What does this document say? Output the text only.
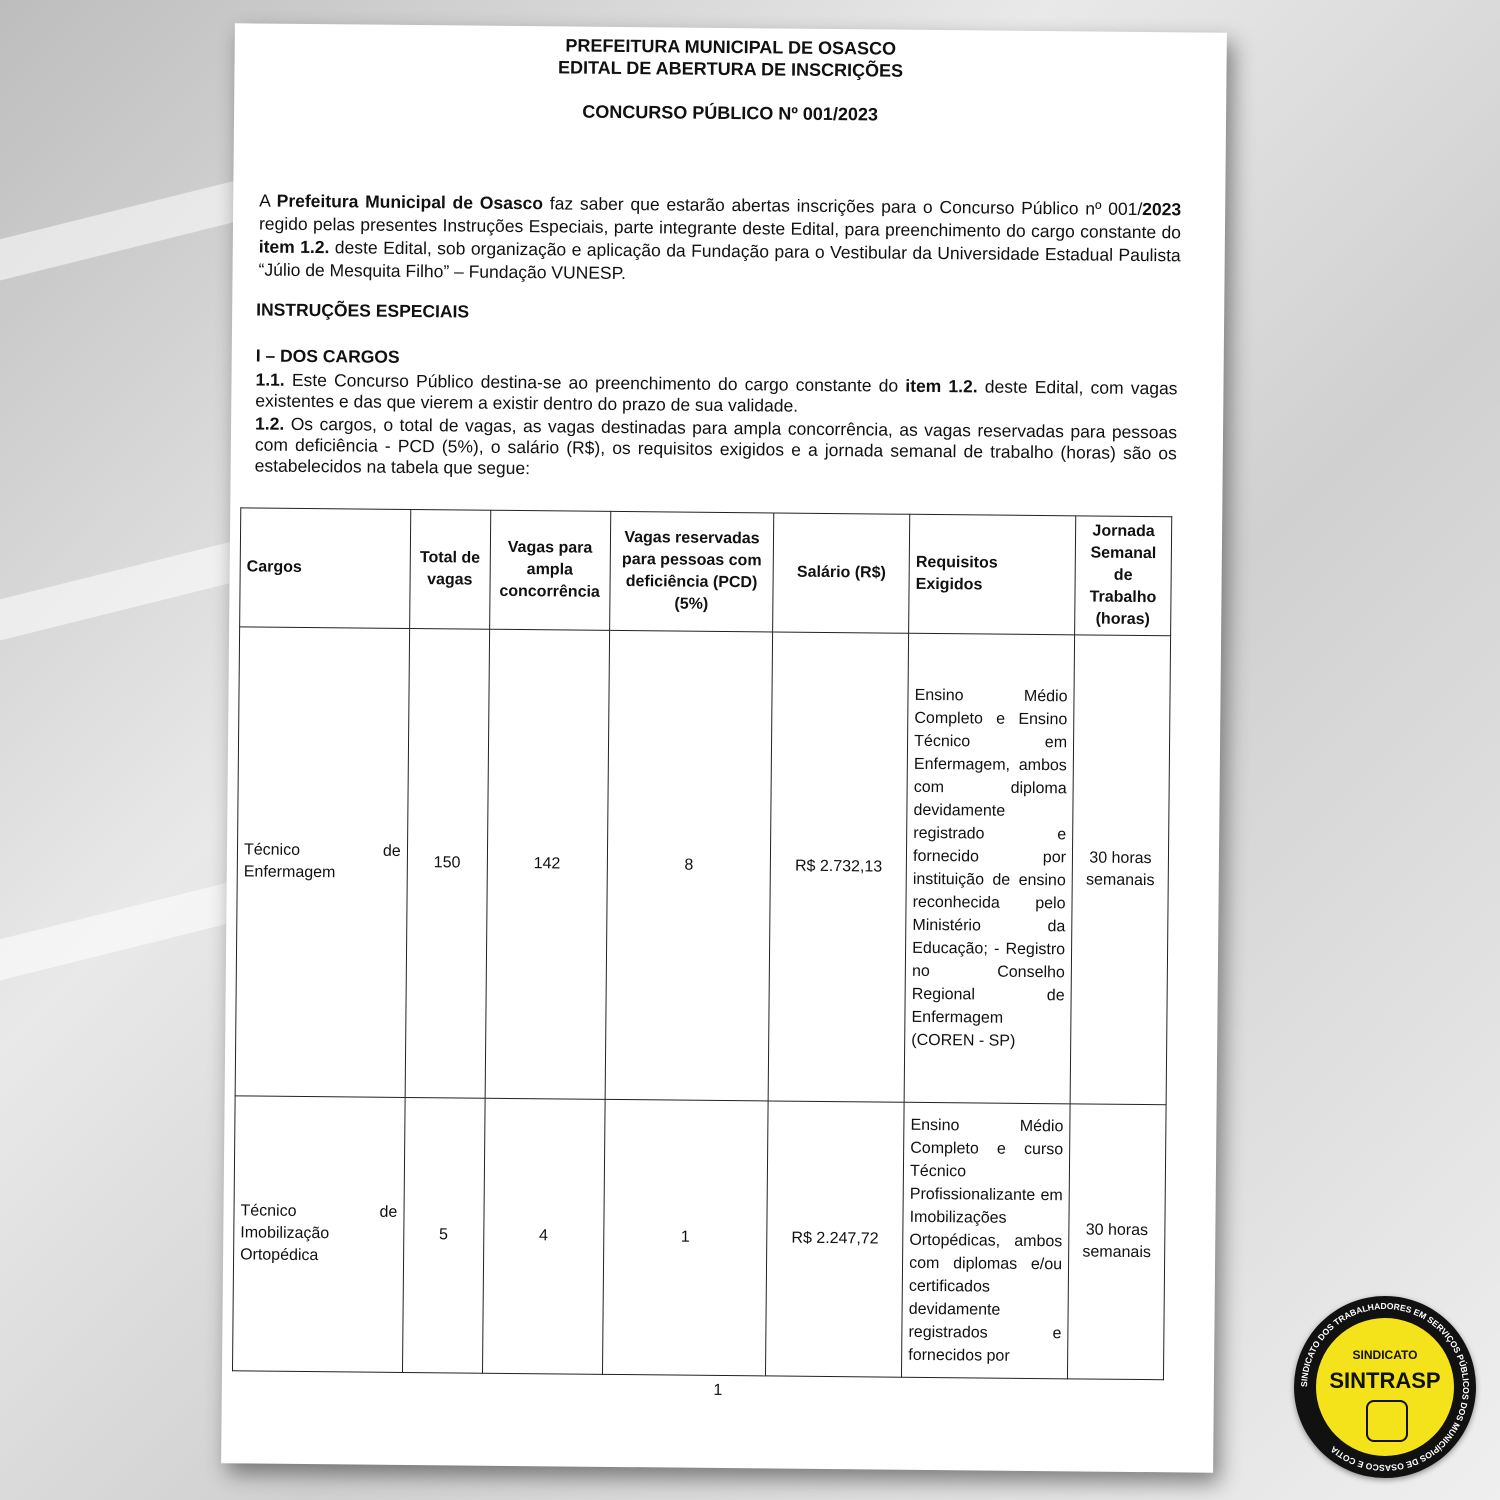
PREFEITURA MUNICIPAL DE OSASCO
EDITAL DE ABERTURA DE INSCRIÇÕES
CONCURSO PÚBLICO Nº 001/2023
A Prefeitura Municipal de Osasco faz saber que estarão abertas inscrições para o Concurso Público nº 001/2023 regido pelas presentes Instruções Especiais, parte integrante deste Edital, para preenchimento do cargo constante do item 1.2. deste Edital, sob organização e aplicação da Fundação para o Vestibular da Universidade Estadual Paulista “Júlio de Mesquita Filho” – Fundação VUNESP.
INSTRUÇÕES ESPECIAIS
I – DOS CARGOS
1.1. Este Concurso Público destina-se ao preenchimento do cargo constante do item 1.2. deste Edital, com vagas existentes e das que vierem a existir dentro do prazo de sua validade.
1.2. Os cargos, o total de vagas, as vagas destinadas para ampla concorrência, as vagas reservadas para pessoas com deficiência - PCD (5%), o salário (R$), os requisitos exigidos e a jornada semanal de trabalho (horas) são os estabelecidos na tabela que segue:
Cargos	Total de vagas	Vagas para ampla concorrência	Vagas reservadas para pessoas com deficiência (PCD) (5%)	Salário (R$)	Requisitos Exigidos	Jornada Semanal de Trabalho (horas)
Técnico de Enfermagem	150	142	8	R$ 2.732,13	Ensino Médio Completo e Ensino Técnico em Enfermagem, ambos com diploma devidamente registrado e fornecido por instituição de ensino reconhecida pelo Ministério da Educação; - Registro no Conselho Regional de Enfermagem (COREN - SP)	30 horas semanais
Técnico de Imobilização Ortopédica	5	4	1	R$ 2.247,72	Ensino Médio Completo e curso Técnico Profissionalizante em Imobilizações Ortopédicas, ambos com diplomas e/ou certificados devidamente registrados e fornecidos por	30 horas semanais
1	SINDICATO DOS TRABALHADORES EM SERVIÇOS PÚBLICOS DOS MUNICÍPIOS DE OSASCO E COTIA
SINDICATO
SINTRASP
